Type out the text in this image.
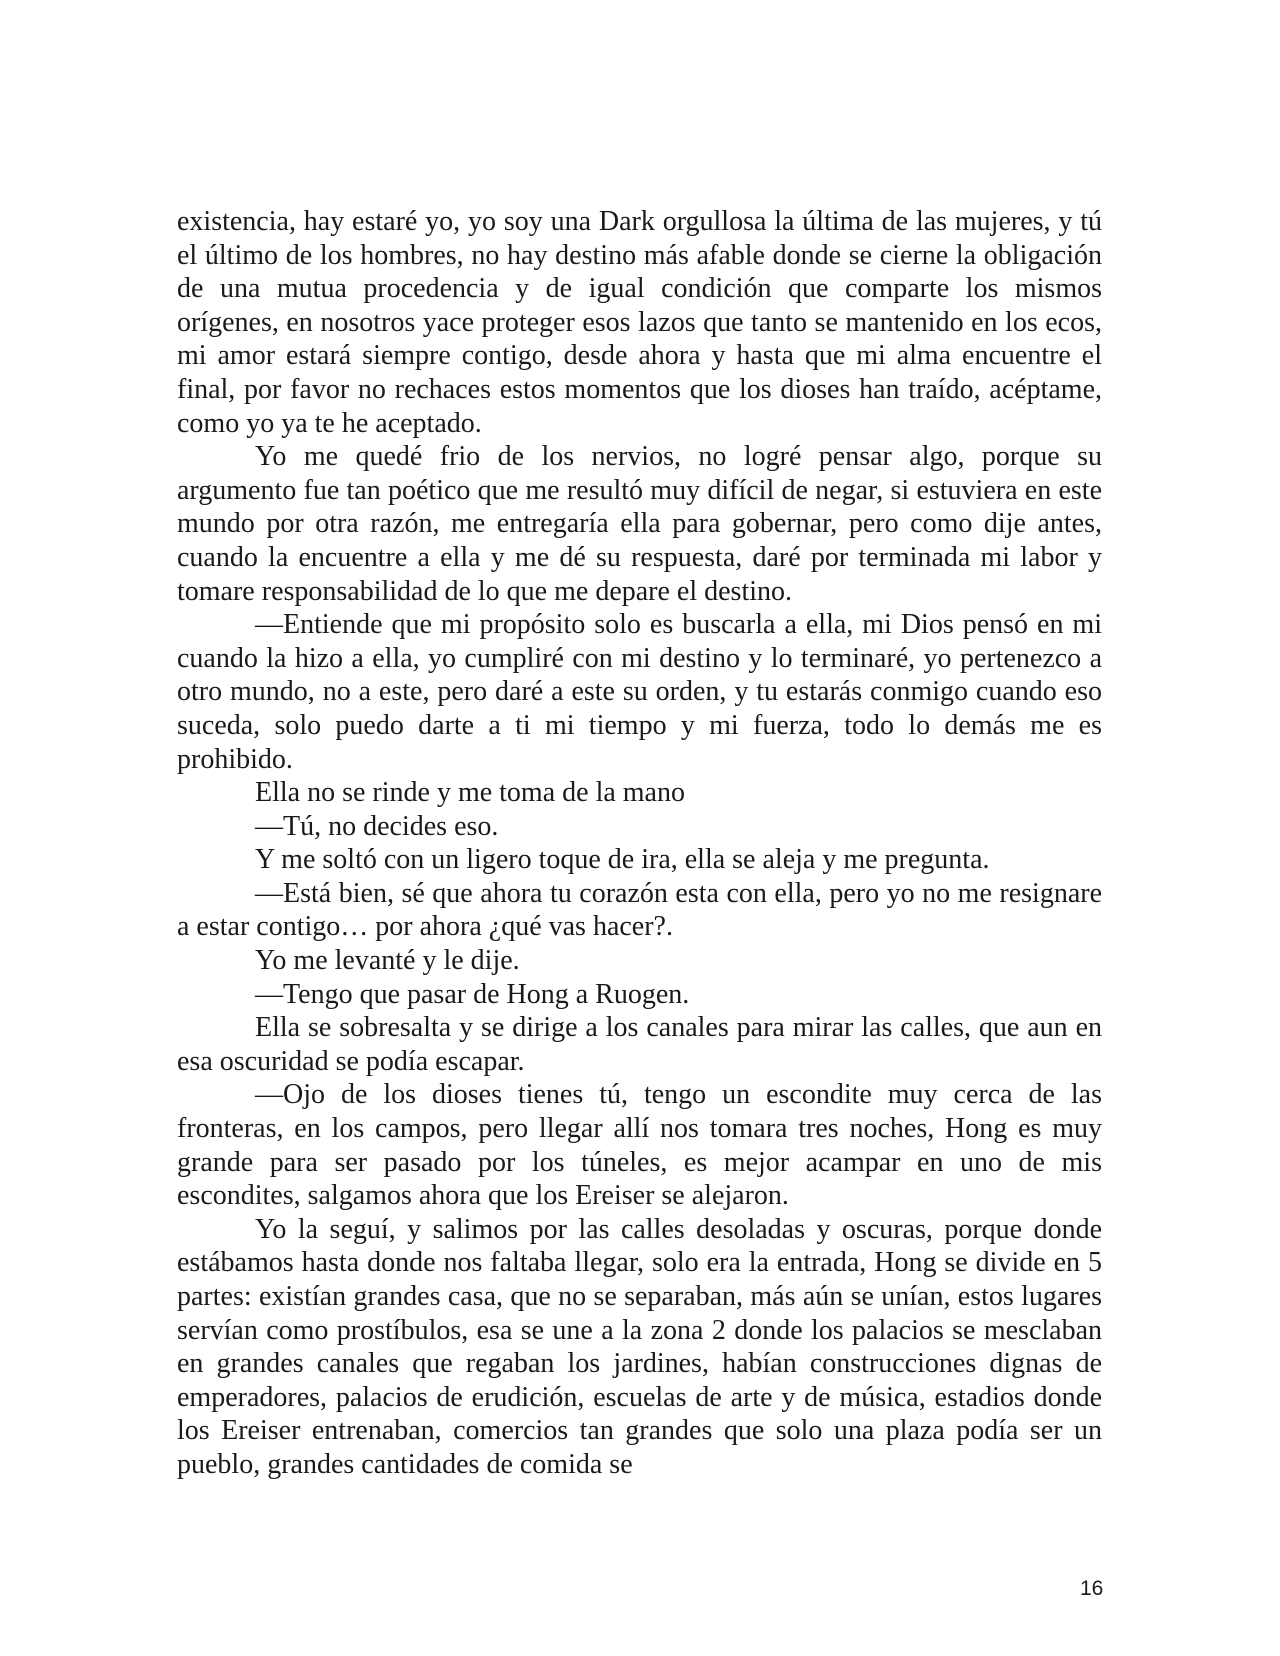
existencia, hay estaré yo, yo soy una Dark orgullosa la última de las mujeres, y tú el último de los hombres, no hay destino más afable donde se cierne la obligación de una mutua procedencia y de igual condición que comparte los mismos orígenes, en nosotros yace proteger esos lazos que tanto se mantenido en los ecos, mi amor estará siempre contigo, desde ahora y hasta que mi alma encuentre el final, por favor no rechaces estos momentos que los dioses han traído, acéptame, como yo ya te he aceptado.

Yo me quedé frio de los nervios, no logré pensar algo, porque su argumento fue tan poético que me resultó muy difícil de negar, si estuviera en este mundo por otra razón, me entregaría ella para gobernar, pero como dije antes, cuando la encuentre a ella y me dé su respuesta, daré por terminada mi labor y tomare responsabilidad de lo que me depare el destino.

—Entiende que mi propósito solo es buscarla a ella, mi Dios pensó en mi cuando la hizo a ella, yo cumpliré con mi destino y lo terminaré, yo pertenezco a otro mundo, no a este, pero daré a este su orden, y tu estarás conmigo cuando eso suceda, solo puedo darte a ti mi tiempo y mi fuerza, todo lo demás me es prohibido.

Ella no se rinde y me toma de la mano

—Tú, no decides eso.

Y me soltó con un ligero toque de ira, ella se aleja y me pregunta.

—Está bien, sé que ahora tu corazón esta con ella, pero yo no me resignare a estar contigo… por ahora ¿qué vas hacer?.

Yo me levanté y le dije.

—Tengo que pasar de Hong a Ruogen.

Ella se sobresalta y se dirige a los canales para mirar las calles, que aun en esa oscuridad se podía escapar.

—Ojo de los dioses tienes tú, tengo un escondite muy cerca de las fronteras, en los campos, pero llegar allí nos tomara tres noches, Hong es muy grande para ser pasado por los túneles, es mejor acampar en uno de mis escondites, salgamos ahora que los Ereiser se alejaron.

Yo la seguí, y salimos por las calles desoladas y oscuras, porque donde estábamos hasta donde nos faltaba llegar, solo era la entrada, Hong se divide en 5 partes: existían grandes casa, que no se separaban, más aún se unían, estos lugares servían como prostíbulos, esa se une a la zona 2 donde los palacios se mesclaban en grandes canales que regaban los jardines, habían construcciones dignas de emperadores, palacios de erudición, escuelas de arte y de música, estadios donde los Ereiser entrenaban, comercios tan grandes que solo una plaza podía ser un pueblo, grandes cantidades de comida se

16
